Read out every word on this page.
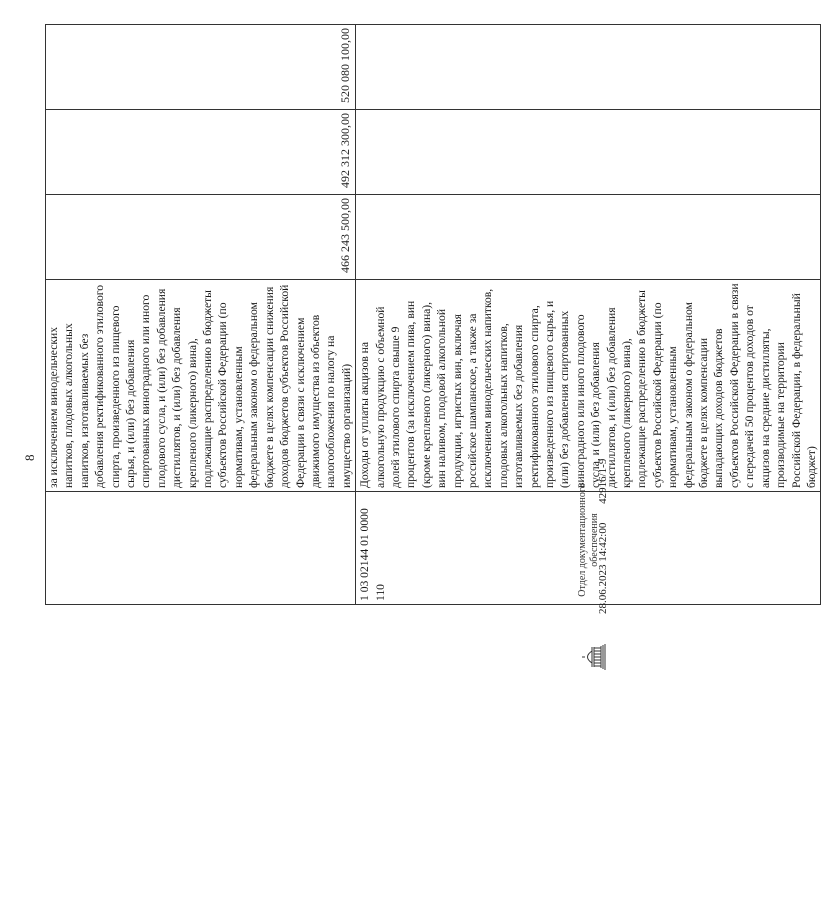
8
	за исключением винодельческих напитков, плодовых алкогольных напитков, изготавливаемых без добавления ректификованного этилового спирта, произведенного из пищевого сырья, и (или) без добавления спиртованных виноградного или иного плодового сусла, и (или) без добавления дистиллятов, и (или) без добавления крепленого (ликерного) вина), подлежащие распределению в бюджеты субъектов Российской Федерации (по нормативам, установленным федеральным законом о федеральном бюджете в целях компенсации снижения доходов бюджетов субъектов Российской Федерации в связи с исключением движимого имущества из объектов налогообложения по налогу на имущество организаций)	466 243 500,00	492 312 300,00	520 080 100,00
1 03 02144 01 0000 110	Доходы от уплаты акцизов на алкогольную продукцию с объемной долей этилового спирта свыше 9 процентов (за исключением пива, вин (кроме крепленого (ликерного) вина), вин наливом, плодовой алкогольной продукции, игристых вин, включая российское шампанское, а также за исключением винодельческих напитков, плодовых алкогольных напитков, изготавливаемых без добавления ректификованного этилового спирта, произведенного из пищевого сырья, и (или) без добавления спиртованных виноградного или иного плодового сусла, и (или) без добавления дистиллятов, и (или) без добавления крепленого (ликерного) вина), подлежащие распределению в бюджеты субъектов Российской Федерации (по нормативам, установленным федеральным законом о федеральном бюджете в целях компенсации выпадающих доходов бюджетов субъектов Российской Федерации в связи с передачей 50 процентов доходов от акцизов на средние дистилляты, производимые на территории Российской Федерации, в федеральный бюджет)			
Отдел документационного обеспечения
28.06.2023 14:42:00 42916/1-9
